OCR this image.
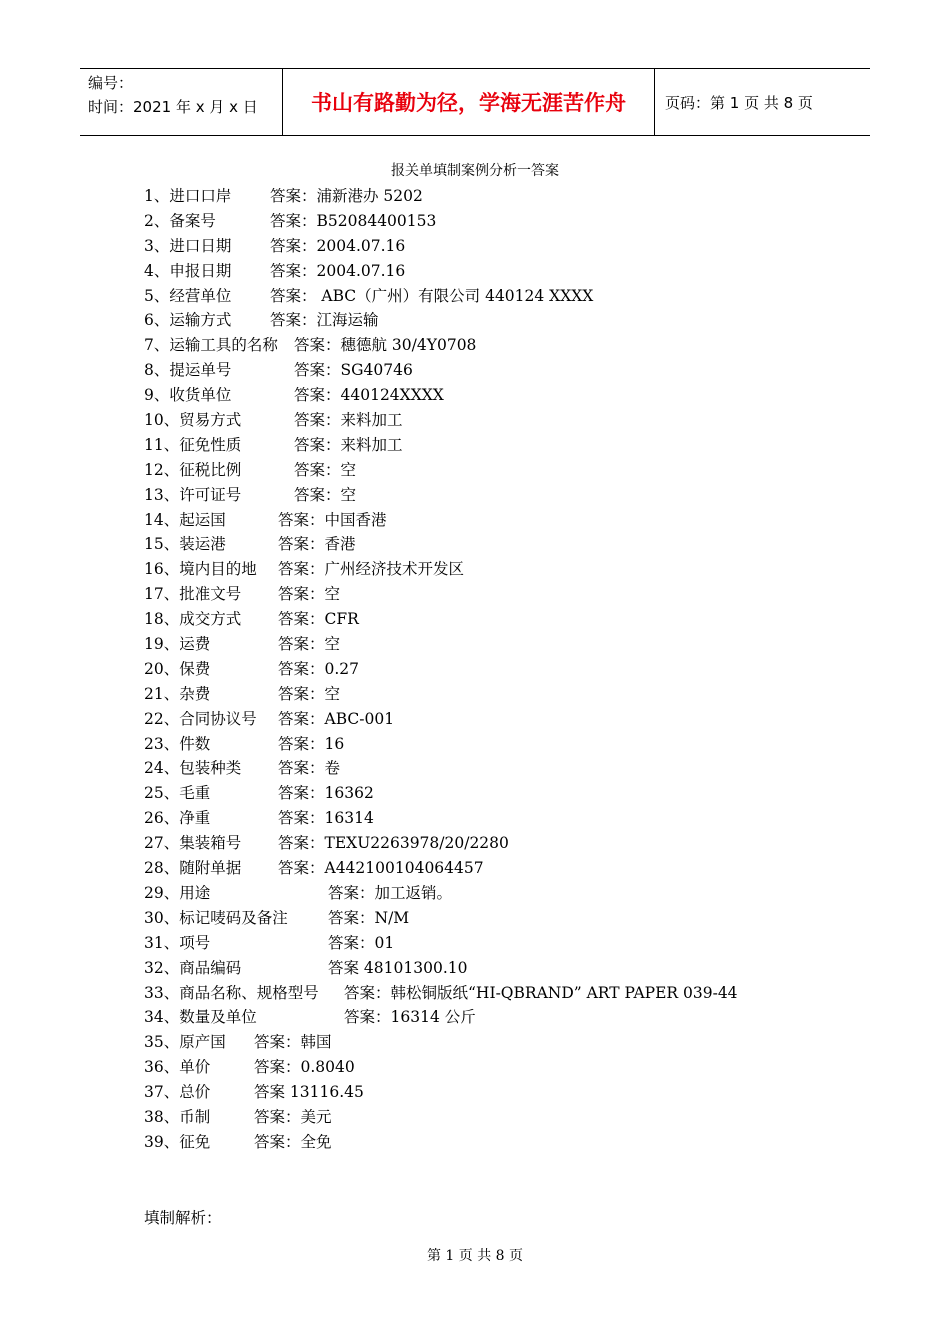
编号：
时间：2021 年 x 月 x 日	书山有路勤为径，学海无涯苦作舟	页码：第 1 页 共 8 页
报关单填制案例分析一答案
1、进口口岸 答案：浦新港办 5202
2、备案号	答案：B52084400153
3、进口日期 答案：2004.07.16
4、申报日期 答案：2004.07.16
5、经营单位 答案： ABC（广州）有限公司 440124 XXXX
6、运输方式 答案：江海运输
7、运输工具的名称 答案：穗德航 30/4Y0708
8、提运单号	答案：SG40746
9、收货单位	答案：440124XXXX
10、贸易方式	答案：来料加工
11、征免性质	答案：来料加工
12、征税比例	答案：空
13、许可证号	答案：空
14、起运国	答案：中国香港
15、装运港	答案：香港
16、境内目的地 答案：广州经济技术开发区
17、批准文号 答案：空
18、成交方式 答案：CFR
19、运费	答案：空
20、保费	答案：0.27
21、杂费	答案：空
22、合同协议号 答案：ABC-001
23、件数	答案：16
24、包装种类 答案：卷
25、毛重	答案：16362
26、净重	答案：16314
27、集装箱号 答案：TEXU2263978/20/2280
28、随附单据 答案：A442100104064457
29、用途	答案：加工返销。
30、标记唛码及备注	答案：N/M
31、项号	答案：01
32、商品编码	答案 48101300.10
33、商品名称、规格型号 答案：韩松铜版纸“HI-QBRAND” ART PAPER 039-44
34、数量及单位	答案：16314 公斤
35、原产国 答案：韩国
36、单价	答案：0.8040
37、总价	答案 13116.45
38、币制	答案：美元
39、征免	答案：全免
填制解析：
第 1 页 共 8 页
